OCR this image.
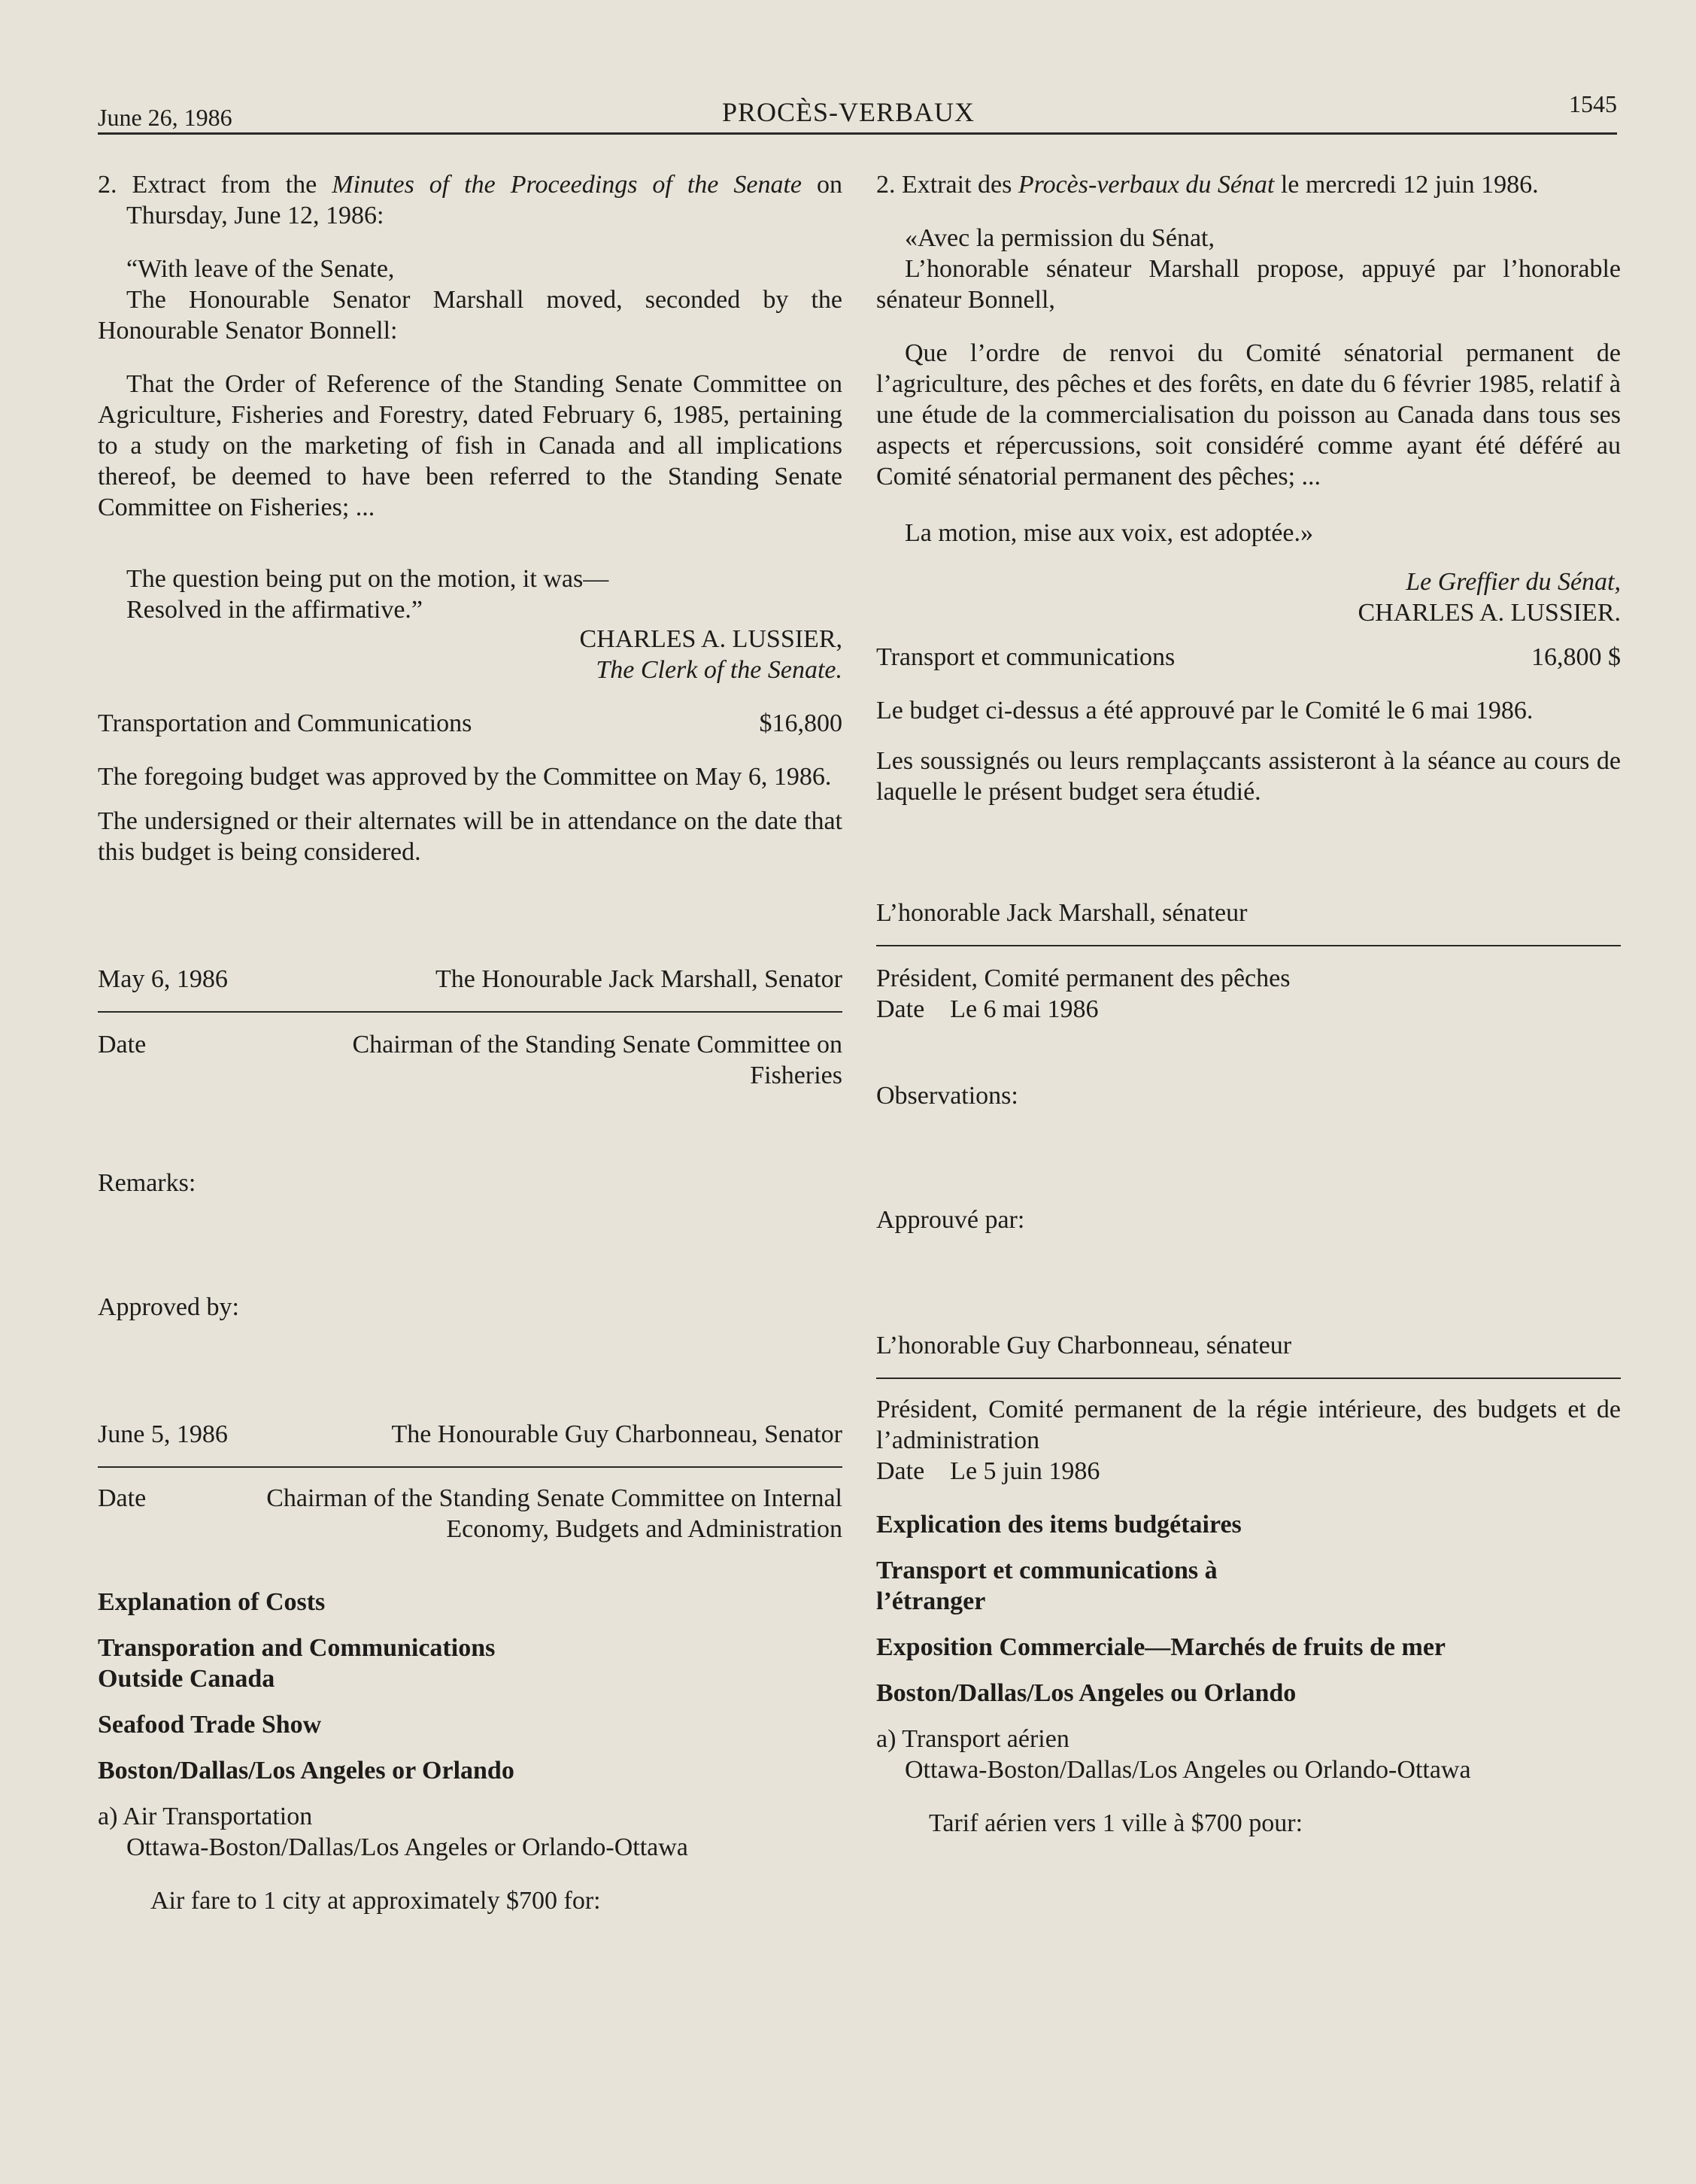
June 26, 1986	PROCÈS-VERBAUX	1545

2. Extract from the Minutes of the Proceedings of the Senate on Thursday, June 12, 1986:

“With leave of the Senate,

The Honourable Senator Marshall moved, seconded by the Honourable Senator Bonnell:

That the Order of Reference of the Standing Senate Committee on Agriculture, Fisheries and Forestry, dated February 6, 1985, pertaining to a study on the marketing of fish in Canada and all implications thereof, be deemed to have been referred to the Standing Senate Committee on Fisheries; ...

The question being put on the motion, it was—

Resolved in the affirmative.”

CHARLES A. LUSSIER,

The Clerk of the Senate.

Transportation and Communications	$16,800

The foregoing budget was approved by the Committee on May 6, 1986.

The undersigned or their alternates will be in attendance on the date that this budget is being considered.

May 6, 1986	The Honourable Jack Marshall, Senator
Date	Chairman of the Standing Senate Committee on Fisheries

Remarks:

Approved by:

June 5, 1986	The Honourable Guy Charbonneau, Senator
Date	Chairman of the Standing Senate Committee on Internal Economy, Budgets and Administration

Explanation of Costs

Transporation and Communications Outside Canada

Seafood Trade Show

Boston/Dallas/Los Angeles or Orlando

a) Air Transportation

Ottawa-Boston/Dallas/Los Angeles or Orlando-Ottawa

Air fare to 1 city at approximately $700 for:

2. Extrait des Procès-verbaux du Sénat le mercredi 12 juin 1986.

«Avec la permission du Sénat,

L’honorable sénateur Marshall propose, appuyé par l’honorable sénateur Bonnell,

Que l’ordre de renvoi du Comité sénatorial permanent de l’agriculture, des pêches et des forêts, en date du 6 février 1985, relatif à une étude de la commercialisation du poisson au Canada dans tous ses aspects et répercussions, soit considéré comme ayant été déféré au Comité sénatorial permanent des pêches; ...

La motion, mise aux voix, est adoptée.»

Le Greffier du Sénat,

CHARLES A. LUSSIER.

Transport et communications	16,800 $

Le budget ci-dessus a été approuvé par le Comité le 6 mai 1986.

Les soussignés ou leurs remplaçcants assisteront à la séance au cours de laquelle le présent budget sera étudié.

L’honorable Jack Marshall, sénateur

Président, Comité permanent des pêches

Date    Le 6 mai 1986

Observations:

Approuvé par:

L’honorable Guy Charbonneau, sénateur

Président, Comité permanent de la régie intérieure, des budgets et de l’administration

Date    Le 5 juin 1986

Explication des items budgétaires

Transport et communications à l’étranger

Exposition Commerciale—Marchés de fruits de mer

Boston/Dallas/Los Angeles ou Orlando

a) Transport aérien

Ottawa-Boston/Dallas/Los Angeles ou Orlando-Ottawa

Tarif aérien vers 1 ville à $700 pour:
